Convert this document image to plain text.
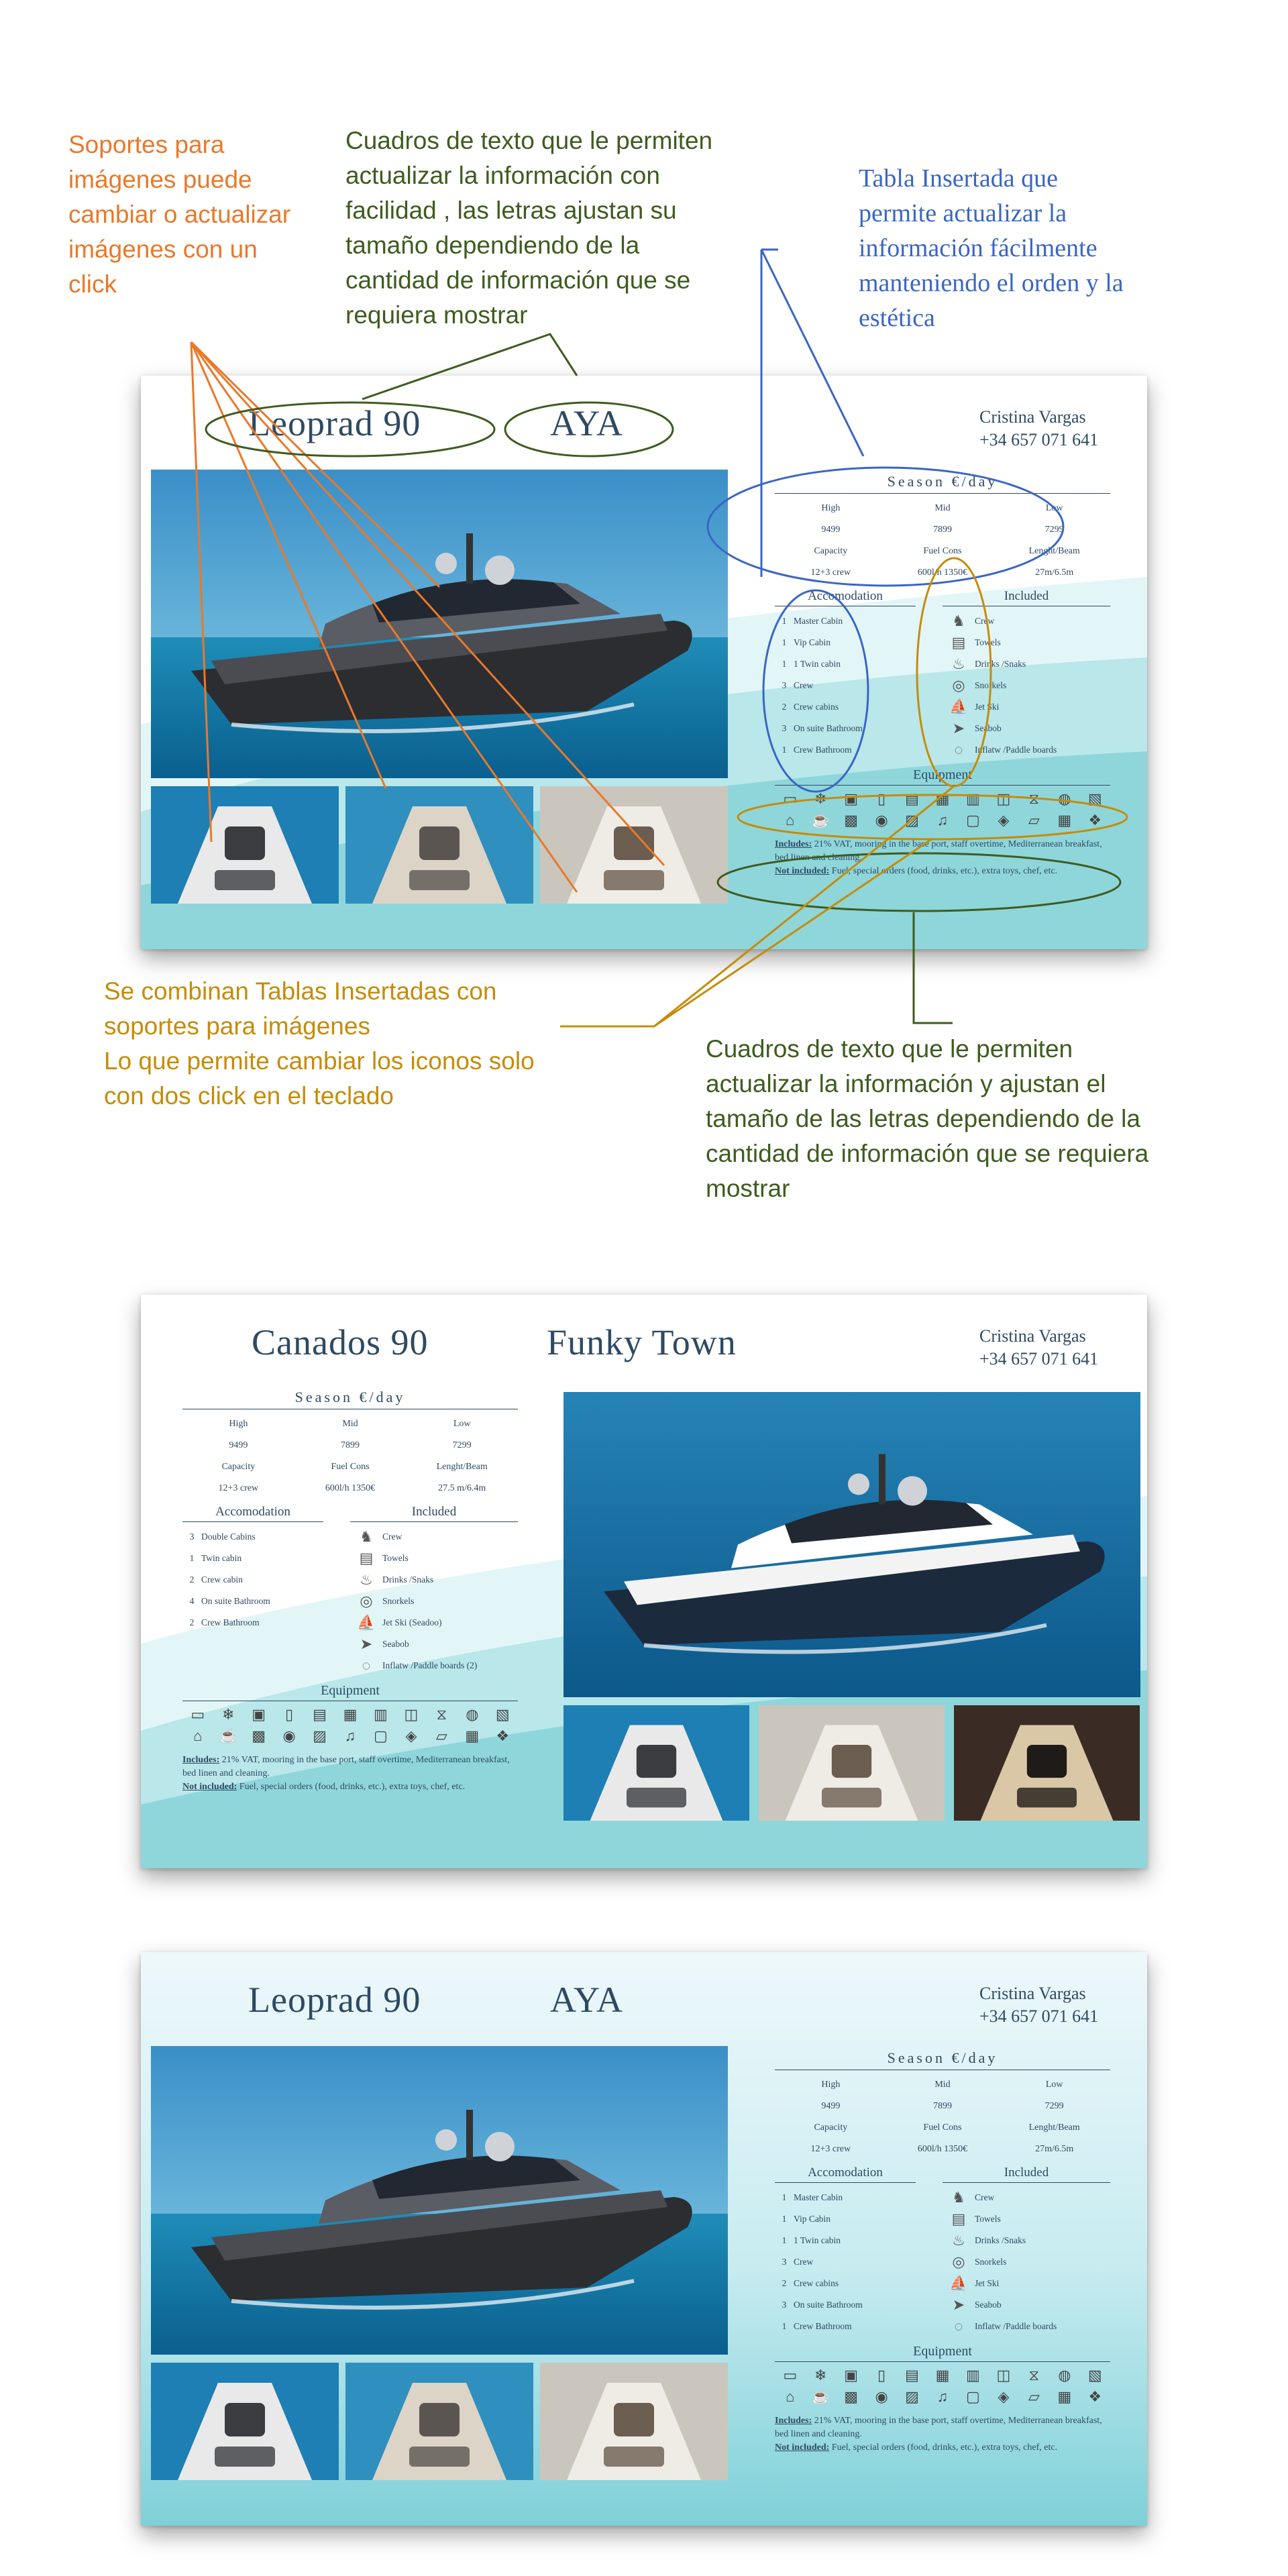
Soportes para
imágenes puede
cambiar o actualizar
imágenes con un
click
Cuadros de texto que le permiten
actualizar la información con
facilidad , las letras ajustan su
tamaño dependiendo de la
cantidad de información que se
requiera mostrar
Tabla Insertada que
permite actualizar la
información fácilmente
manteniendo el orden y la
estética
Se combinan Tablas Insertadas con
soportes para imágenes
Lo que permite cambiar los iconos solo
con dos click en el teclado
Cuadros de texto que le permiten
actualizar la información y ajustan el
tamaño de las letras dependiendo de la
cantidad de información que se requiera
mostrar
Leoprad 90	AYA	Cristina Vargas
+34 657 071 641
Season €/day
High	Mid	Low
9499	7899	7299
Capacity	Fuel Cons	Lenght/Beam
12+3 crew	600l/h 1350€	27m/6.5m
Accomodation
1 Master Cabin
1 Vip Cabin
1 1 Twin cabin
3 Crew
2 Crew cabins
3 On suite Bathroom
1 Crew Bathroom
Included
♞	Crew
▤	Towels
♨	Drinks /Snaks
◎	Snorkels
⛵ Jet Ski
➤	Seabob
◌	Inflatw /Paddle boards
Equipment
▭	❄	▣	▯	▤	▦	▥	◫	⧖	◍	▧
⌂	☕ ▩	◉	▨	♫	▢	◈	▱	▦	❖
Includes: 21% VAT, mooring in the base port, staff overtime, Mediterranean breakfast, bed linen and cleaning.
Not included: Fuel, special orders (food, drinks, etc.), extra toys, chef, etc.
Canados 90	Funky Town	Cristina Vargas
+34 657 071 641
Season €/day
High	Mid	Low
9499	7899	7299
Capacity	Fuel Cons	Lenght/Beam
12+3 crew	600l/h 1350€	27.5 m/6.4m
Accomodation
3 Double Cabins
1 Twin cabin
2 Crew cabin
4 On suite Bathroom
2 Crew Bathroom
Included
♞	Crew
▤	Towels
♨	Drinks /Snaks
◎	Snorkels
⛵ Jet Ski (Seadoo)
➤	Seabob
◌	Inflatw /Paddle boards (2)
Equipment
▭	❄	▣	▯	▤	▦	▥	◫	⧖	◍	▧
⌂	☕ ▩	◉	▨	♫	▢	◈	▱	▦	❖
Includes: 21% VAT, mooring in the base port, staff overtime, Mediterranean breakfast, bed linen and cleaning.
Not included: Fuel, special orders (food, drinks, etc.), extra toys, chef, etc.
Leoprad 90	AYA	Cristina Vargas
+34 657 071 641
Season €/day
High	Mid	Low
9499	7899	7299
Capacity	Fuel Cons	Lenght/Beam
12+3 crew	600l/h 1350€	27m/6.5m
Accomodation
1 Master Cabin
1 Vip Cabin
1 1 Twin cabin
3 Crew
2 Crew cabins
3 On suite Bathroom
1 Crew Bathroom
Included
♞	Crew
▤	Towels
♨	Drinks /Snaks
◎	Snorkels
⛵ Jet Ski
➤	Seabob
◌	Inflatw /Paddle boards
Equipment
▭	❄	▣	▯	▤	▦	▥	◫	⧖	◍	▧
⌂	☕ ▩	◉	▨	♫	▢	◈	▱	▦	❖
Includes: 21% VAT, mooring in the base port, staff overtime, Mediterranean breakfast, bed linen and cleaning.
Not included: Fuel, special orders (food, drinks, etc.), extra toys, chef, etc.
